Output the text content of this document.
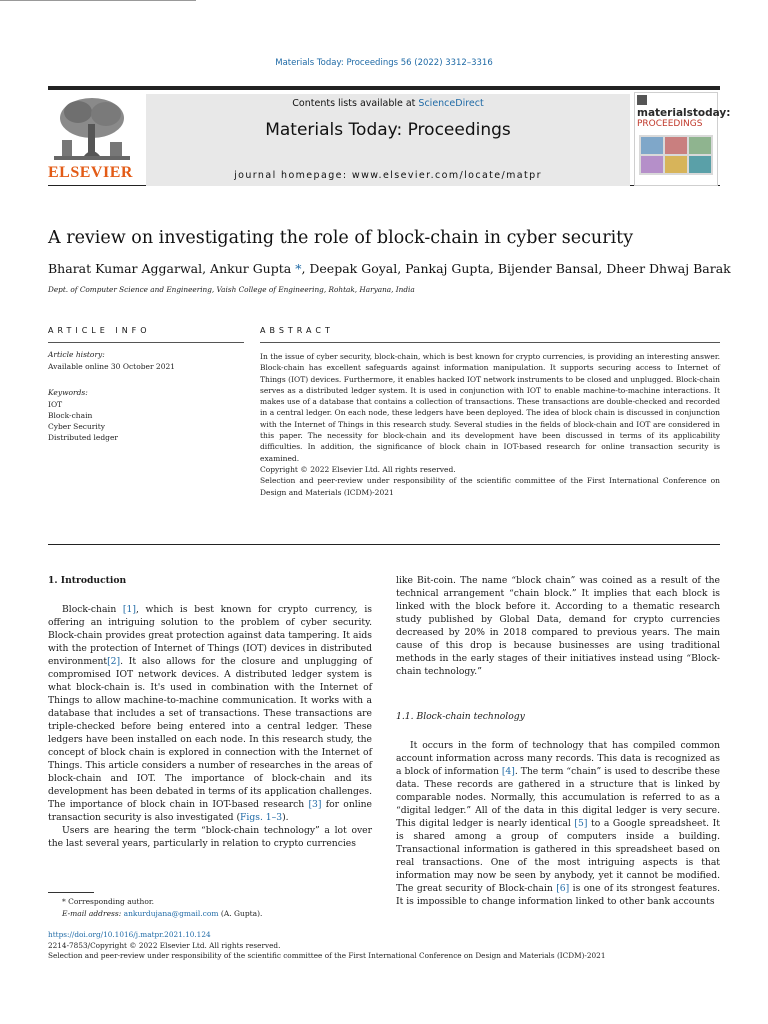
Materials Today: Proceedings 56 (2022) 3312–3316
ELSEVIER
Contents lists available at ScienceDirect
Materials Today: Proceedings
journal homepage: www.elsevier.com/locate/matpr
materialstoday:
PROCEEDINGS
A review on investigating the role of block-chain in cyber security
Bharat Kumar Aggarwal, Ankur Gupta *, Deepak Goyal, Pankaj Gupta, Bijender Bansal, Dheer Dhwaj Barak
Dept. of Computer Science and Engineering, Vaish College of Engineering, Rohtak, Haryana, India
ARTICLE INFO	ABSTRACT
Article history:
Available online 30 October 2021
Keywords:
IOT
Block-chain
Cyber Security
Distributed ledger

In the issue of cyber security, block-chain, which is best known for crypto currencies, is providing an interesting answer. Block-chain has excellent safeguards against information manipulation. It supports securing access to Internet of Things (IOT) devices. Furthermore, it enables hacked IOT network instruments to be closed and unplugged. Block-chain serves as a distributed ledger system. It is used in conjunction with IOT to enable machine-to-machine interactions. It makes use of a database that contains a collection of transactions. These transactions are double-checked and recorded in a central ledger. On each node, these ledgers have been deployed. The idea of block chain is discussed in conjunction with the Internet of Things in this research study. Several studies in the fields of block-chain and IOT are considered in this paper. The necessity for block-chain and its development have been discussed in terms of its applicability difficulties. In addition, the significance of block chain in IOT-based research for online transaction security is examined.

Copyright © 2022 Elsevier Ltd. All rights reserved.

Selection and peer-review under responsibility of the scientific committee of the First International Conference on Design and Materials (ICDM)-2021

1. Introduction

Block-chain [1], which is best known for crypto currency, is offering an intriguing solution to the problem of cyber security. Block-chain provides great protection against data tampering. It aids with the protection of Internet of Things (IOT) devices in distributed environment[2]. It also allows for the closure and unplugging of compromised IOT network devices. A distributed ledger system is what block-chain is. It's used in combination with the Internet of Things to allow machine-to-machine communication. It works with a database that includes a set of transactions. These transactions are triple-checked before being entered into a central ledger. These ledgers have been installed on each node. In this research study, the concept of block chain is explored in connection with the Internet of Things. This article considers a number of researches in the areas of block-chain and IOT. The importance of block-chain and its development has been debated in terms of its application challenges. The importance of block chain in IOT-based research [3] for online transaction security is also investigated (Figs. 1–3).

Users are hearing the term “block-chain technology” a lot over the last several years, particularly in relation to crypto currencies

like Bit-coin. The name “block chain” was coined as a result of the technical arrangement “chain block.” It implies that each block is linked with the block before it. According to a thematic research study published by Global Data, demand for crypto currencies decreased by 20% in 2018 compared to previous years. The main cause of this drop is because businesses are using traditional methods in the early stages of their initiatives instead using “Block-chain technology.”

1.1. Block-chain technology

It occurs in the form of technology that has compiled common account information across many records. This data is recognized as a block of information [4]. The term “chain” is used to describe these data. These records are gathered in a structure that is linked by comparable nodes. Normally, this accumulation is referred to as a “digital ledger.” All of the data in this digital ledger is very secure. This digital ledger is nearly identical [5] to a Google spreadsheet. It is shared among a group of computers inside a building. Transactional information is gathered in this spreadsheet based on real transactions. One of the most intriguing aspects is that information may now be seen by anybody, yet it cannot be modified. The great security of Block-chain [6] is one of its strongest features. It is impossible to change information linked to other bank accounts

* Corresponding author.
E-mail address: ankurdujana@gmail.com (A. Gupta).
https://doi.org/10.1016/j.matpr.2021.10.124
2214-7853/Copyright © 2022 Elsevier Ltd. All rights reserved.
Selection and peer-review under responsibility of the scientific committee of the First International Conference on Design and Materials (ICDM)-2021
